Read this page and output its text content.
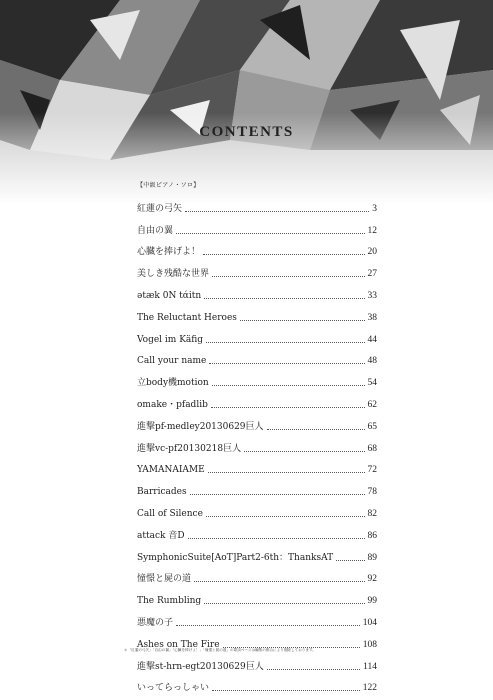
CONTENTS
【中級ピアノ・ソロ】
紅蓮の弓矢	3
自由の翼	12
心臓を捧げよ！	20
美しき残酷な世界	27
ətæk 0N tάitn	33
The Reluctant Heroes	38
Vogel im Käfig	44
Call your name	48
立body機motion	54
omake・pfadlib	62
進撃pf-medley20130629巨人	65
進撃vc-pf20130218巨人	68
YAMANAIAME	72
Barricades	78
Call of Silence	82
attack 音D	86
SymphonicSuite[AoT]Part2-6th：ThanksAT	89
憧憬と屍の道	92
The Rumbling	99
悪魔の子	104
Ashes on The Fire	108
進撃st-hrn-egt20130629巨人	114
いってらっしゃい	122
＊「紅蓮の弓矢」「自由の翼」「心臓を捧げよ！」「憧憬と屍の道」の歌詞ページは編集の都合により削除しております。
